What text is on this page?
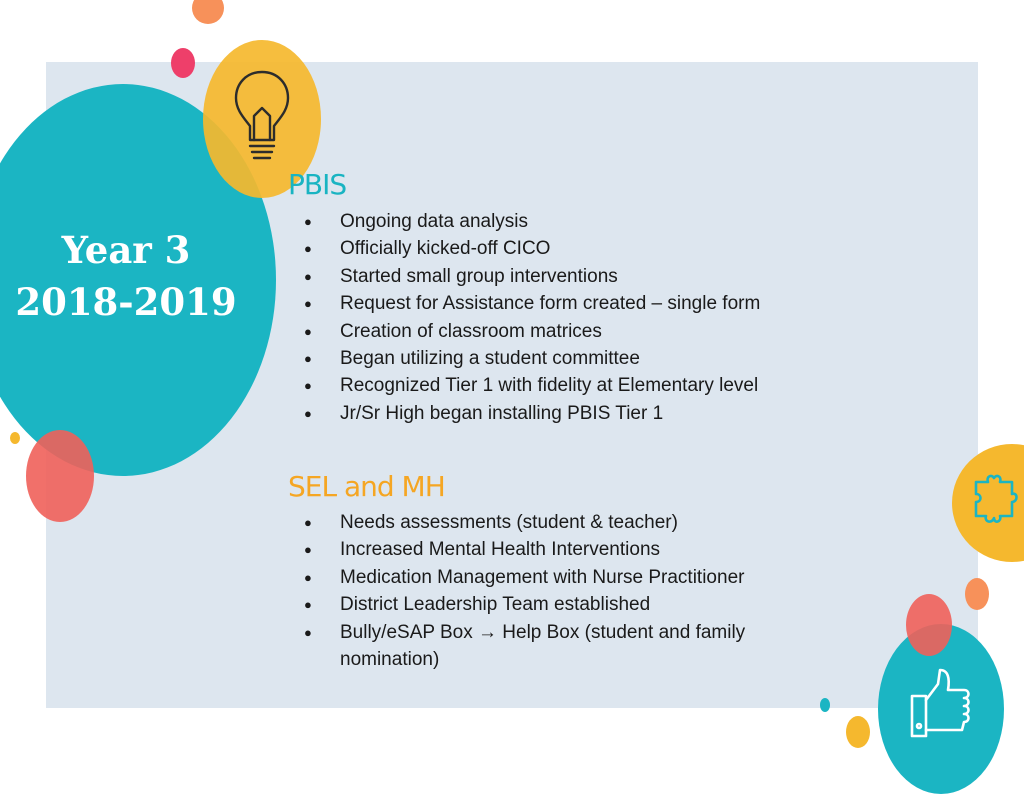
Year 3
2018-2019
PBIS
● Ongoing data analysis
● Officially kicked-off CICO
● Started small group interventions
● Request for Assistance form created – single form
● Creation of classroom matrices
● Began utilizing a student committee
● Recognized Tier 1 with fidelity at Elementary level
● Jr/Sr High began installing PBIS Tier 1
SEL and MH
● Needs assessments (student & teacher)
● Increased Mental Health Interventions
● Medication Management with Nurse Practitioner
● District Leadership Team established
● Bully/eSAP Box → Help Box (student and family nomination)
